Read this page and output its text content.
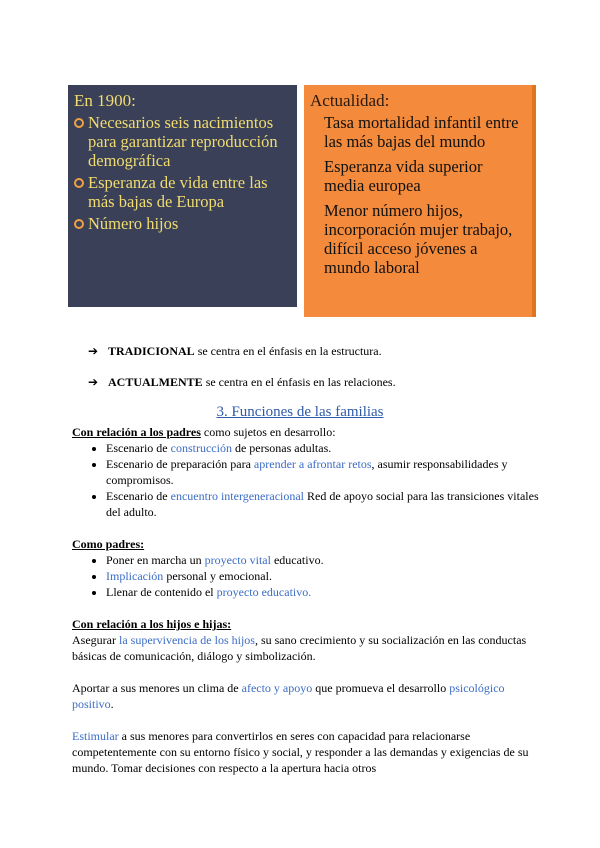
En 1900:
Necesarios seis nacimientos para garantizar reproducción demográfica
Esperanza de vida entre las más bajas de Europa
Número hijos
Actualidad:
Tasa mortalidad infantil entre las más bajas del mundo
Esperanza vida superior media europea
Menor número hijos, incorporación mujer trabajo, difícil acceso jóvenes a mundo laboral
➔ TRADICIONAL se centra en el énfasis en la estructura.
➔ ACTUALMENTE se centra en el énfasis en las relaciones.
3. Funciones de las familias

Con relación a los padres como sujetos en desarrollo:

• Escenario de construcción de personas adultas.
• Escenario de preparación para aprender a afrontar retos, asumir responsabilidades y compromisos.
• Escenario de encuentro intergeneracional Red de apoyo social para las transiciones vitales del adulto.

Como padres:

• Poner en marcha un proyecto vital educativo.
• Implicación personal y emocional.
• Llenar de contenido el proyecto educativo.

Con relación a los hijos e hijas:

Asegurar la supervivencia de los hijos, su sano crecimiento y su socialización en las conductas básicas de comunicación, diálogo y simbolización.

Aportar a sus menores un clima de afecto y apoyo que promueva el desarrollo psicológico positivo.

Estimular a sus menores para convertirlos en seres con capacidad para relacionarse competentemente con su entorno físico y social, y responder a las demandas y exigencias de su mundo. Tomar decisiones con respecto a la apertura hacia otros
